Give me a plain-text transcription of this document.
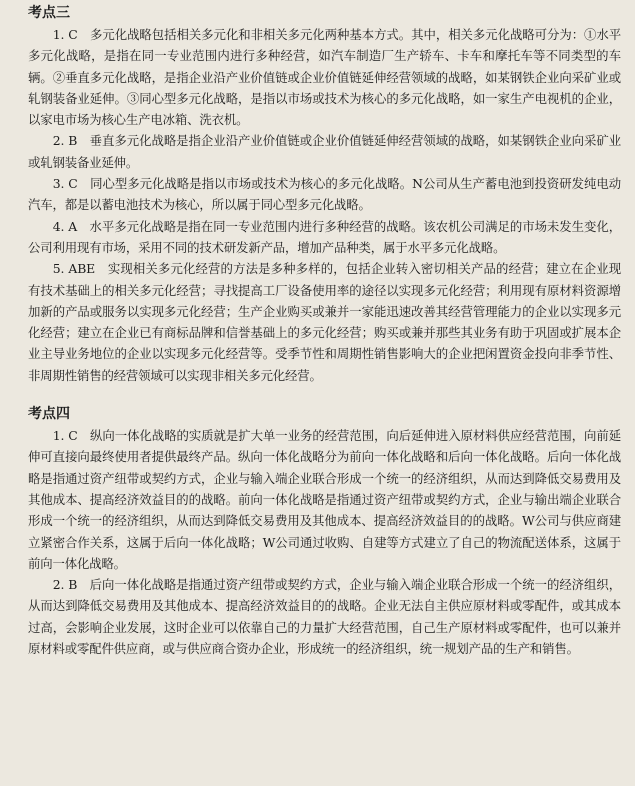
考点三

1. C　多元化战略包括相关多元化和非相关多元化两种基本方式。其中，相关多元化战略可分为：①水平多元化战略，是指在同一专业范围内进行多种经营，如汽车制造厂生产轿车、卡车和摩托车等不同类型的车辆。②垂直多元化战略，是指企业沿产业价值链或企业价值链延伸经营领域的战略，如某钢铁企业向采矿业或轧钢装备业延伸。③同心型多元化战略，是指以市场或技术为核心的多元化战略，如一家生产电视机的企业，以家电市场为核心生产电冰箱、洗衣机。

2. B　垂直多元化战略是指企业沿产业价值链或企业价值链延伸经营领域的战略，如某钢铁企业向采矿业或轧钢装备业延伸。

3. C　同心型多元化战略是指以市场或技术为核心的多元化战略。N公司从生产蓄电池到投资研发纯电动汽车，都是以蓄电池技术为核心，所以属于同心型多元化战略。

4. A　水平多元化战略是指在同一专业范围内进行多种经营的战略。该农机公司满足的市场未发生变化，公司利用现有市场，采用不同的技术研发新产品，增加产品种类，属于水平多元化战略。

5. ABE　实现相关多元化经营的方法是多种多样的，包括企业转入密切相关产品的经营；建立在企业现有技术基础上的相关多元化经营；寻找提高工厂设备使用率的途径以实现多元化经营；利用现有原材料资源增加新的产品或服务以实现多元化经营；生产企业购买或兼并一家能迅速改善其经营管理能力的企业以实现多元化经营；建立在企业已有商标品牌和信誉基础上的多元化经营；购买或兼并那些其业务有助于巩固或扩展本企业主导业务地位的企业以实现多元化经营等。受季节性和周期性销售影响大的企业把闲置资金投向非季节性、非周期性销售的经营领域可以实现非相关多元化经营。

考点四

1. C　纵向一体化战略的实质就是扩大单一业务的经营范围，向后延伸进入原材料供应经营范围，向前延伸可直接向最终使用者提供最终产品。纵向一体化战略分为前向一体化战略和后向一体化战略。后向一体化战略是指通过资产纽带或契约方式，企业与输入端企业联合形成一个统一的经济组织，从而达到降低交易费用及其他成本、提高经济效益目的的战略。前向一体化战略是指通过资产纽带或契约方式，企业与输出端企业联合形成一个统一的经济组织，从而达到降低交易费用及其他成本、提高经济效益目的的战略。W公司与供应商建立紧密合作关系，这属于后向一体化战略；W公司通过收购、自建等方式建立了自己的物流配送体系，这属于前向一体化战略。

2. B　后向一体化战略是指通过资产纽带或契约方式，企业与输入端企业联合形成一个统一的经济组织，从而达到降低交易费用及其他成本、提高经济效益目的的战略。企业无法自主供应原材料或零配件，或其成本过高，会影响企业发展，这时企业可以依靠自己的力量扩大经营范围，自己生产原材料或零配件，也可以兼并原材料或零配件供应商，或与供应商合资办企业，形成统一的经济组织，统一规划产品的生产和销售。
